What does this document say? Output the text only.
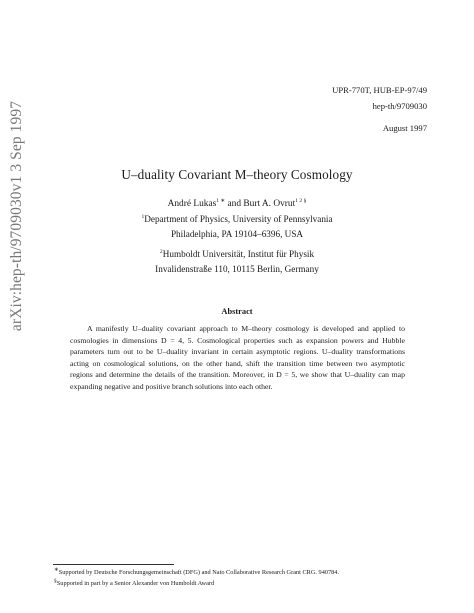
arXiv:hep-th/9709030v1 3 Sep 1997
UPR-770T, HUB-EP-97/49
hep-th/9709030
August 1997
U–duality Covariant M–theory Cosmology
André Lukas$^{1 ∗}$ and Burt A. Ovrut$^{1 2 \S}$
$^1$Department of Physics, University of Pennsylvania
Philadelphia, PA 19104–6396, USA
$^2$Humboldt Universität, Institut für Physik
Invalidenstraße 110, 10115 Berlin, Germany
Abstract

A manifestly U–duality covariant approach to M–theory cosmology is developed and applied to cosmologies in dimensions D = 4, 5. Cosmological properties such as expansion powers and Hubble parameters turn out to be U–duality invariant in certain asymptotic regions. U–duality transformations acting on cosmological solutions, on the other hand, shift the transition time between two asymptotic regions and determine the details of the transition. Moreover, in D = 5, we show that U–duality can map expanding negative and positive branch solutions into each other.

∗Supported by Deutsche Forschungsgemeinschaft (DFG) and Nato Collaborative Research Grant CRG. 940784.
§Supported in part by a Senior Alexander von Humboldt Award
